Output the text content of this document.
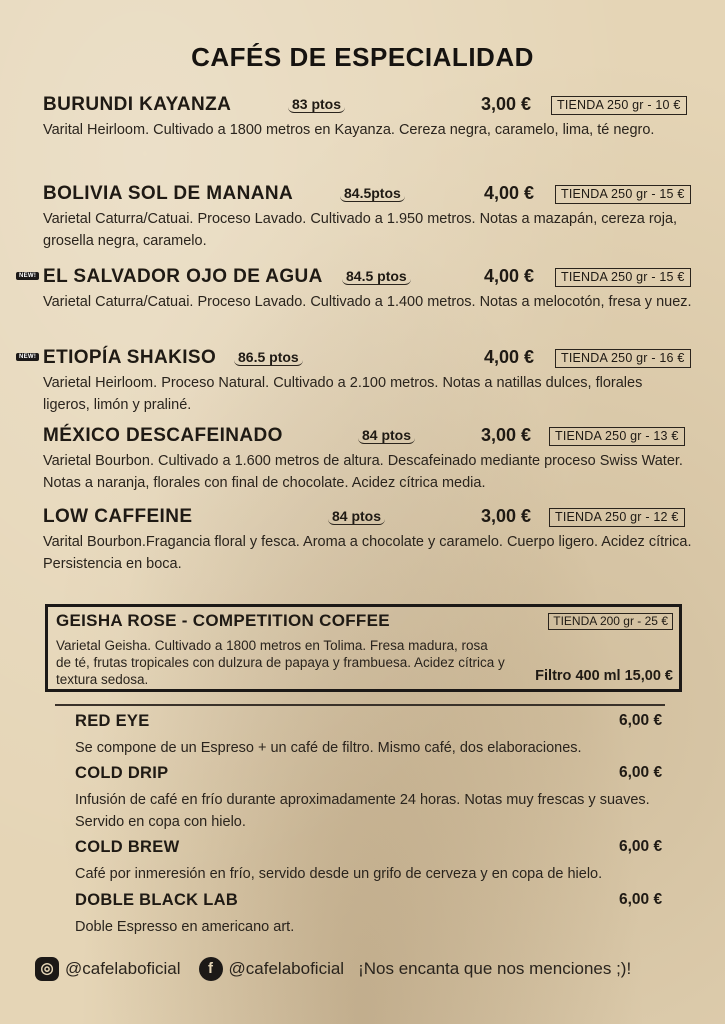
CAFÉS DE ESPECIALIDAD
BURUNDI KAYANZA	83 ptos	3,00 €	TIENDA 250 gr - 10 €
Varital Heirloom. Cultivado a 1800 metros en Kayanza. Cereza negra, caramelo, lima, té negro.
BOLIVIA SOL DE MANANA	84.5ptos	4,00 €	TIENDA 250 gr - 15 €
Varietal Caturra/Catuai. Proceso Lavado. Cultivado a 1.950 metros. Notas a mazapán, cereza roja, grosella negra, caramelo.
NEW! EL SALVADOR OJO DE AGUA 84.5 ptos	4,00 €	TIENDA 250 gr - 15 €
Varietal Caturra/Catuai. Proceso Lavado. Cultivado a 1.400 metros. Notas a melocotón, fresa y nuez.
NEW! ETIOPÍA SHAKISO 86.5 ptos	4,00 €	TIENDA 250 gr - 16 €
Varietal Heirloom. Proceso Natural. Cultivado a 2.100 metros. Notas a natillas dulces, florales ligeros, limón y praliné.
MÉXICO DESCAFEINADO	84 ptos	3,00 €	TIENDA 250 gr - 13 €
Varietal Bourbon. Cultivado a 1.600 metros de altura. Descafeinado mediante proceso Swiss Water. Notas a naranja, florales con final de chocolate. Acidez cítrica media.
LOW CAFFEINE	84 ptos	3,00 €	TIENDA 250 gr - 12 €
Varital Bourbon.Fragancia floral y fesca. Aroma a chocolate y caramelo. Cuerpo ligero. Acidez cítrica. Persistencia en boca.
GEISHA ROSE - COMPETITION COFFEE	TIENDA 200 gr - 25 €
Varietal Geisha. Cultivado a 1800 metros en Tolima. Fresa madura, rosa de té, frutas tropicales con dulzura de papaya y frambuesa. Acidez cítrica y textura sedosa.	Filtro 400 ml 15,00 €
RED EYE	6,00 €
Se compone de un Espreso + un café de filtro. Mismo café, dos elaboraciones.
COLD DRIP	6,00 €
Infusión de café en frío durante aproximadamente 24 horas. Notas muy frescas y suaves. Servido en copa con hielo.
COLD BREW	6,00 €
Café por inmeresión en frío, servido desde un grifo de cerveza y en copa de hielo.
DOBLE BLACK LAB	6,00 €
Doble Espresso en americano art.
◎ @cafelaboficial	f @cafelaboficial ¡Nos encanta que nos menciones ;)!
